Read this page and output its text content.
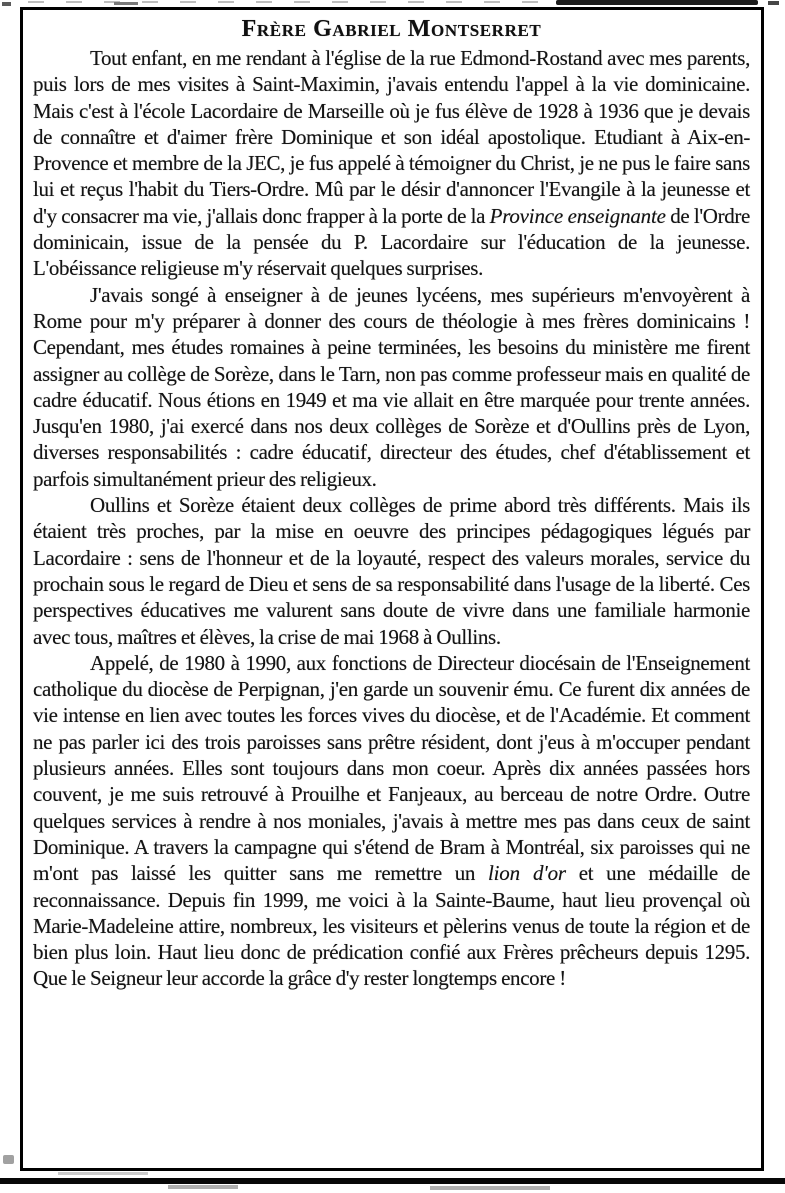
Frère Gabriel Montserret

Tout enfant, en me rendant à l'église de la rue Edmond-Rostand avec mes parents, puis lors de mes visites à Saint-Maximin, j'avais entendu l'appel à la vie dominicaine. Mais c'est à l'école Lacordaire de Marseille où je fus élève de 1928 à 1936 que je devais de connaître et d'aimer frère Dominique et son idéal apostolique. Etudiant à Aix-en-Provence et membre de la JEC, je fus appelé à témoigner du Christ, je ne pus le faire sans lui et reçus l'habit du Tiers-Ordre. Mû par le désir d'annoncer l'Evangile à la jeunesse et d'y consacrer ma vie, j'allais donc frapper à la porte de la Province enseignante de l'Ordre dominicain, issue de la pensée du P. Lacordaire sur l'éducation de la jeunesse. L'obéissance religieuse m'y réservait quelques surprises.

J'avais songé à enseigner à de jeunes lycéens, mes supérieurs m'envoyèrent à Rome pour m'y préparer à donner des cours de théologie à mes frères dominicains ! Cependant, mes études romaines à peine terminées, les besoins du ministère me firent assigner au collège de Sorèze, dans le Tarn, non pas comme professeur mais en qualité de cadre éducatif. Nous étions en 1949 et ma vie allait en être marquée pour trente années. Jusqu'en 1980, j'ai exercé dans nos deux collèges de Sorèze et d'Oullins près de Lyon, diverses responsabilités : cadre éducatif, directeur des études, chef d'établissement et parfois simultanément prieur des religieux.

Oullins et Sorèze étaient deux collèges de prime abord très différents. Mais ils étaient très proches, par la mise en oeuvre des principes pédagogiques légués par Lacordaire : sens de l'honneur et de la loyauté, respect des valeurs morales, service du prochain sous le regard de Dieu et sens de sa responsabilité dans l'usage de la liberté. Ces perspectives éducatives me valurent sans doute de vivre dans une familiale harmonie avec tous, maîtres et élèves, la crise de mai 1968 à Oullins.

Appelé, de 1980 à 1990, aux fonctions de Directeur diocésain de l'Enseignement catholique du diocèse de Perpignan, j'en garde un souvenir ému. Ce furent dix années de vie intense en lien avec toutes les forces vives du diocèse, et de l'Académie. Et comment ne pas parler ici des trois paroisses sans prêtre résident, dont j'eus à m'occuper pendant plusieurs années. Elles sont toujours dans mon coeur. Après dix années passées hors couvent, je me suis retrouvé à Prouilhe et Fanjeaux, au berceau de notre Ordre. Outre quelques services à rendre à nos moniales, j'avais à mettre mes pas dans ceux de saint Dominique. A travers la campagne qui s'étend de Bram à Montréal, six paroisses qui ne m'ont pas laissé les quitter sans me remettre un lion d'or et une médaille de reconnaissance. Depuis fin 1999, me voici à la Sainte-Baume, haut lieu provençal où Marie-Madeleine attire, nombreux, les visiteurs et pèlerins venus de toute la région et de bien plus loin. Haut lieu donc de prédication confié aux Frères prêcheurs depuis 1295. Que le Seigneur leur accorde la grâce d'y rester longtemps encore !
